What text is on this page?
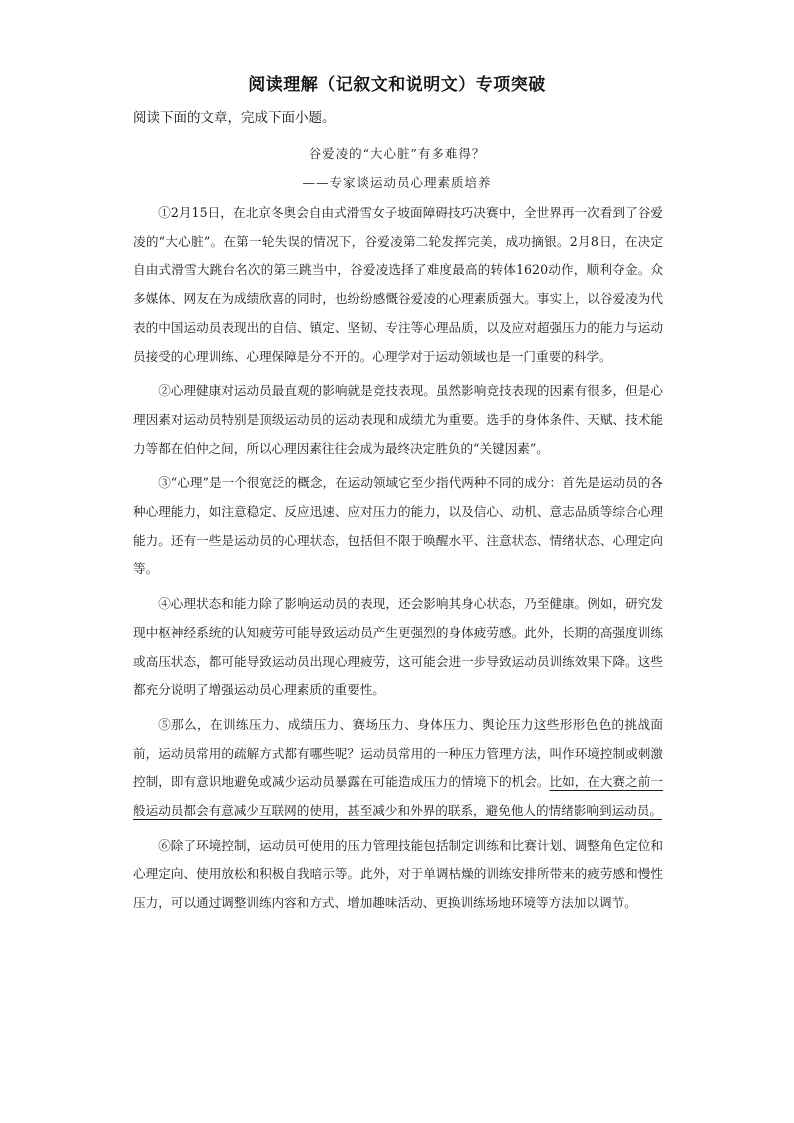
阅读理解（记叙文和说明文）专项突破
阅读下面的文章，完成下面小题。
谷爱凌的“大心脏”有多难得？
——专家谈运动员心理素质培养

①2月15日，在北京冬奥会自由式滑雪女子坡面障碍技巧决赛中，全世界再一次看到了谷爱凌的“大心脏”。在第一轮失误的情况下，谷爱凌第二轮发挥完美，成功摘银。2月8日，在决定自由式滑雪大跳台名次的第三跳当中，谷爱凌选择了难度最高的转体1620动作，顺利夺金。众多媒体、网友在为成绩欣喜的同时，也纷纷感慨谷爱凌的心理素质强大。事实上，以谷爱凌为代表的中国运动员表现出的自信、镇定、坚韧、专注等心理品质，以及应对超强压力的能力与运动员接受的心理训练、心理保障是分不开的。心理学对于运动领域也是一门重要的科学。

②心理健康对运动员最直观的影响就是竞技表现。虽然影响竞技表现的因素有很多，但是心理因素对运动员特别是顶级运动员的运动表现和成绩尤为重要。选手的身体条件、天赋、技术能力等都在伯仲之间，所以心理因素往往会成为最终决定胜负的“关键因素”。

③“心理”是一个很宽泛的概念，在运动领域它至少指代两种不同的成分：首先是运动员的各种心理能力，如注意稳定、反应迅速、应对压力的能力，以及信心、动机、意志品质等综合心理能力。还有一些是运动员的心理状态，包括但不限于唤醒水平、注意状态、情绪状态、心理定向等。

④心理状态和能力除了影响运动员的表现，还会影响其身心状态，乃至健康。例如，研究发现中枢神经系统的认知疲劳可能导致运动员产生更强烈的身体疲劳感。此外，长期的高强度训练或高压状态，都可能导致运动员出现心理疲劳，这可能会进一步导致运动员训练效果下降。这些都充分说明了增强运动员心理素质的重要性。

⑤那么，在训练压力、成绩压力、赛场压力、身体压力、舆论压力这些形形色色的挑战面前，运动员常用的疏解方式都有哪些呢？运动员常用的一种压力管理方法，叫作环境控制或刺激控制，即有意识地避免或减少运动员暴露在可能造成压力的情境下的机会。比如，在大赛之前一般运动员都会有意减少互联网的使用，甚至减少和外界的联系，避免他人的情绪影响到运动员。

⑥除了环境控制，运动员可使用的压力管理技能包括制定训练和比赛计划、调整角色定位和心理定向、使用放松和积极自我暗示等。此外，对于单调枯燥的训练安排所带来的疲劳感和慢性压力，可以通过调整训练内容和方式、增加趣味活动、更换训练场地环境等方法加以调节。
